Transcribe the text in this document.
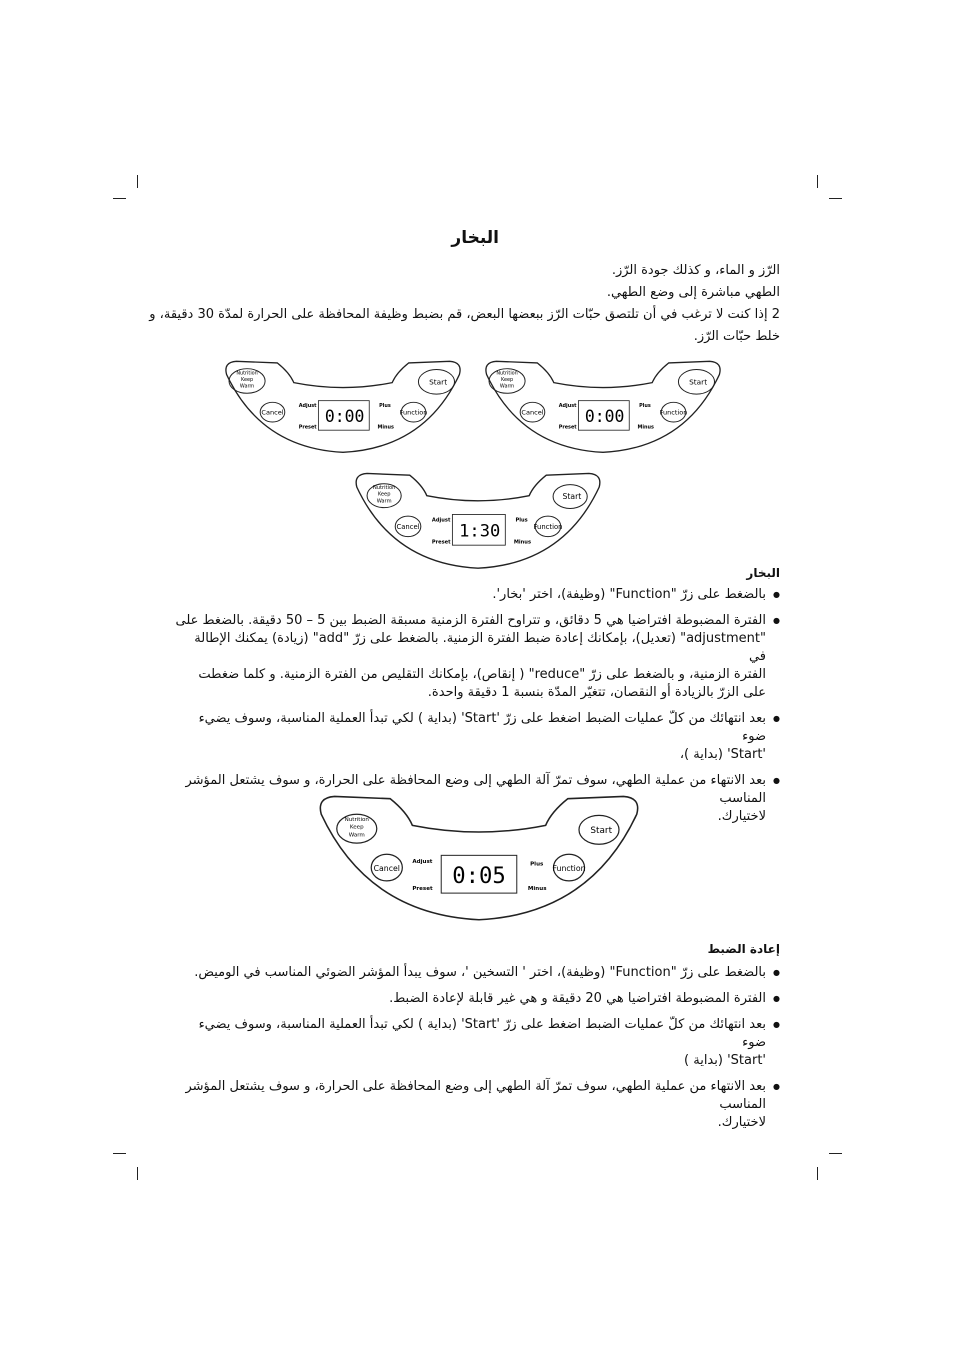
البخار
الرّز و الماء، و كذلك جودة الرّز.
الطهي مباشرة إلى وضع الطهي.
2 إذا كنت لا ترغب في أن تلتصق حبّات الرّز ببعضها البعض، قم بضبط وظيفة المحافظة على الحرارة لمدّة 30 دقيقة، و
خلط حبّات الرّز.
Nutrition
Keep
Warm
Start
Cancel
Adjust
Preset
0:00
Plus
Minus
Function
Nutrition
Keep
Warm
Start
Cancel
Adjust
Preset
0:00
Plus
Minus
Function
Nutrition
Keep
Warm
Start
Cancel
Adjust
Preset
1:30
Plus
Minus
Function
البخار
● بالضغط على زرّ "Function" (وظيفة)، اختر 'بخار'.
● الفترة المضبوطة افتراضيا هي 5 دقائق، و تتراوح الفترة الزمنية مسبقة الضبط بين 5 – 50 دقيقة. بالضغط على
"adjustment" (تعديل)، بإمكانك إعادة ضبط الفترة الزمنية. بالضغط على زرّ "add" (زيادة) يمكنك الإطالة في
الفترة الزمنية، و بالضغط على زرّ "reduce" ( إنقاص)، بإمكانك التقليص من الفترة الزمنية. و كلما ضغطت
على الزرّ بالزيادة أو النقصان، تتغيّر المدّة بنسبة 1 دقيقة واحدة.
● بعد انتهائك من كلّ عمليات الضبط اضغط على زرّ 'Start' (بداية ) لكي تبدأ العملية المناسبة، وسوف يضيء ضوء
'Start' (بداية )،
● بعد الانتهاء من عملية الطهي، سوف تمرّ آلة الطهي إلى وضع المحافظة على الحرارة، و سوف يشتعل المؤشر المناسب
لاختيارك.
Nutrition
Keep
Warm	Start
Cancel
Adjust
Preset 0:05	Plus
Minus
Function
إعادة الضبط
● بالضغط على زرّ "Function" (وظيفة)، اختر ' التسخين '، سوف يبدأ المؤشر الضوئي المناسب في الوميض.
● الفترة المضبوطة افتراضيا هي 20 دقيقة و هي غير قابلة لإعادة الضبط.
● بعد انتهائك من كلّ عمليات الضبط اضغط على زرّ 'Start' (بداية ) لكي تبدأ العملية المناسبة، وسوف يضيء ضوء
'Start' (بداية )
● بعد الانتهاء من عملية الطهي، سوف تمرّ آلة الطهي إلى وضع المحافظة على الحرارة، و سوف يشتعل المؤشر المناسب
لاختيارك.
